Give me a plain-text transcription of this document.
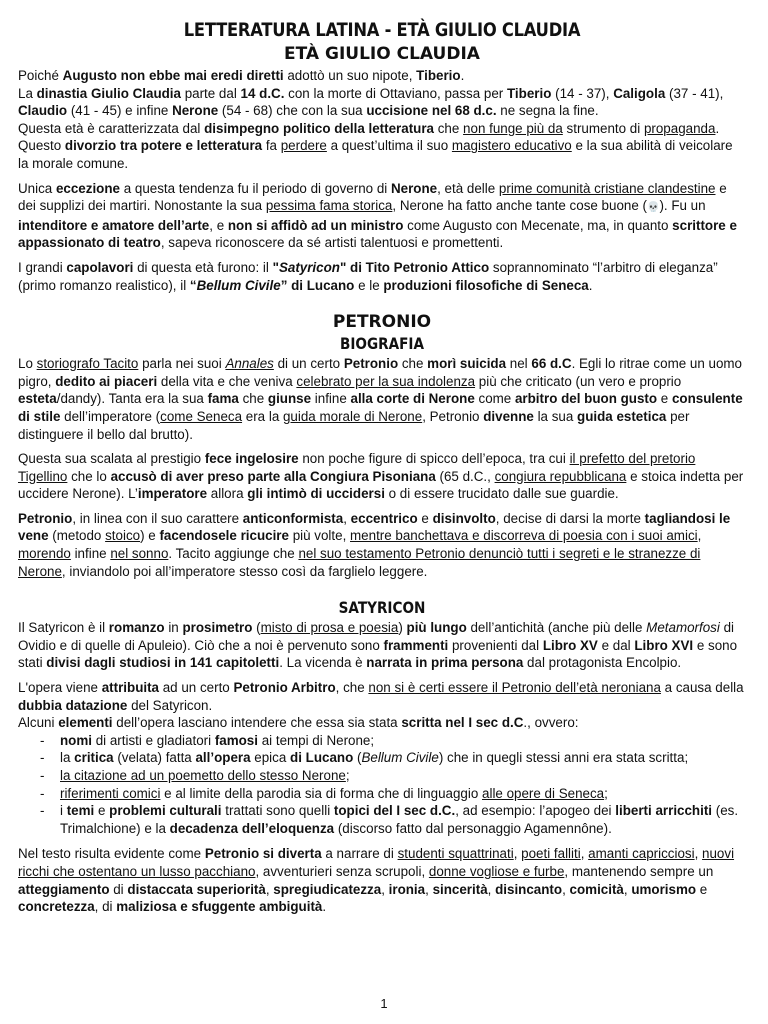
LETTERATURA LATINA - ETÀ GIULIO CLAUDIA
ETÀ GIULIO CLAUDIA

Poiché Augusto non ebbe mai eredi diretti adottò un suo nipote, Tiberio.

La dinastia Giulio Claudia parte dal 14 d.C. con la morte di Ottaviano, passa per Tiberio (14 - 37), Caligola (37 - 41), Claudio (41 - 45) e infine Nerone (54 - 68) che con la sua uccisione nel 68 d.c. ne segna la fine.

Questa età è caratterizzata dal disimpegno politico della letteratura che non funge più da strumento di propaganda. Questo divorzio tra potere e letteratura fa perdere a quest’ultima il suo magistero educativo e la sua abilità di veicolare la morale comune.

Unica eccezione a questa tendenza fu il periodo di governo di Nerone, età delle prime comunità cristiane clandestine e dei supplizi dei martiri. Nonostante la sua pessima fama storica, Nerone ha fatto anche tante cose buone (💀). Fu un intenditore e amatore dell’arte, e non si affidò ad un ministro come Augusto con Mecenate, ma, in quanto scrittore e appassionato di teatro, sapeva riconoscere da sé artisti talentuosi e promettenti.

I grandi capolavori di questa età furono: il "Satyricon" di Tito Petronio Attico soprannominato “l’arbitro di eleganza” (primo romanzo realistico), il “Bellum Civile” di Lucano e le produzioni filosofiche di Seneca.

PETRONIO
BIOGRAFIA

Lo storiografo Tacito parla nei suoi Annales di un certo Petronio che morì suicida nel 66 d.C. Egli lo ritrae come un uomo pigro, dedito ai piaceri della vita e che veniva celebrato per la sua indolenza più che criticato (un vero e proprio esteta/dandy). Tanta era la sua fama che giunse infine alla corte di Nerone come arbitro del buon gusto e consulente di stile dell’imperatore (come Seneca era la guida morale di Nerone, Petronio divenne la sua guida estetica per distinguere il bello dal brutto).

Questa sua scalata al prestigio fece ingelosire non poche figure di spicco dell’epoca, tra cui il prefetto del pretorio Tigellino che lo accusò di aver preso parte alla Congiura Pisoniana (65 d.C., congiura repubblicana e stoica indetta per uccidere Nerone). L’imperatore allora gli intimò di uccidersi o di essere trucidato dalle sue guardie.

Petronio, in linea con il suo carattere anticonformista, eccentrico e disinvolto, decise di darsi la morte tagliandosi le vene (metodo stoico) e facendosele ricucire più volte, mentre banchettava e discorreva di poesia con i suoi amici, morendo infine nel sonno. Tacito aggiunge che nel suo testamento Petronio denunciò tutti i segreti e le stranezze di Nerone, inviandolo poi all’imperatore stesso così da farglielo leggere.

SATYRICON

Il Satyricon è il romanzo in prosimetro (misto di prosa e poesia) più lungo dell’antichità (anche più delle Metamorfosi di Ovidio e di quelle di Apuleio). Ciò che a noi è pervenuto sono frammenti provenienti dal Libro XV e dal Libro XVI e sono stati divisi dagli studiosi in 141 capitoletti. La vicenda è narrata in prima persona dal protagonista Encolpio.

L'opera viene attribuita ad un certo Petronio Arbitro, che non si è certi essere il Petronio dell’età neroniana a causa della dubbia datazione del Satyricon.

Alcuni elementi dell’opera lasciano intendere che essa sia stata scritta nel I sec d.C., ovvero:

- nomi di artisti e gladiatori famosi ai tempi di Nerone;
- la critica (velata) fatta all’opera epica di Lucano (Bellum Civile) che in quegli stessi anni era stata scritta;
- la citazione ad un poemetto dello stesso Nerone;
- riferimenti comici e al limite della parodia sia di forma che di linguaggio alle opere di Seneca;
- i temi e problemi culturali trattati sono quelli topici del I sec d.C., ad esempio: l’apogeo dei liberti arricchiti (es. Trimalchione) e la decadenza dell’eloquenza (discorso fatto dal personaggio Agamennône).

Nel testo risulta evidente come Petronio si diverta a narrare di studenti squattrinati, poeti falliti, amanti capricciosi, nuovi ricchi che ostentano un lusso pacchiano, avventurieri senza scrupoli, donne vogliose e furbe, mantenendo sempre un atteggiamento di distaccata superiorità, spregiudicatezza, ironia, sincerità, disincanto, comicità, umorismo e concretezza, di maliziosa e sfuggente ambiguità.

1
